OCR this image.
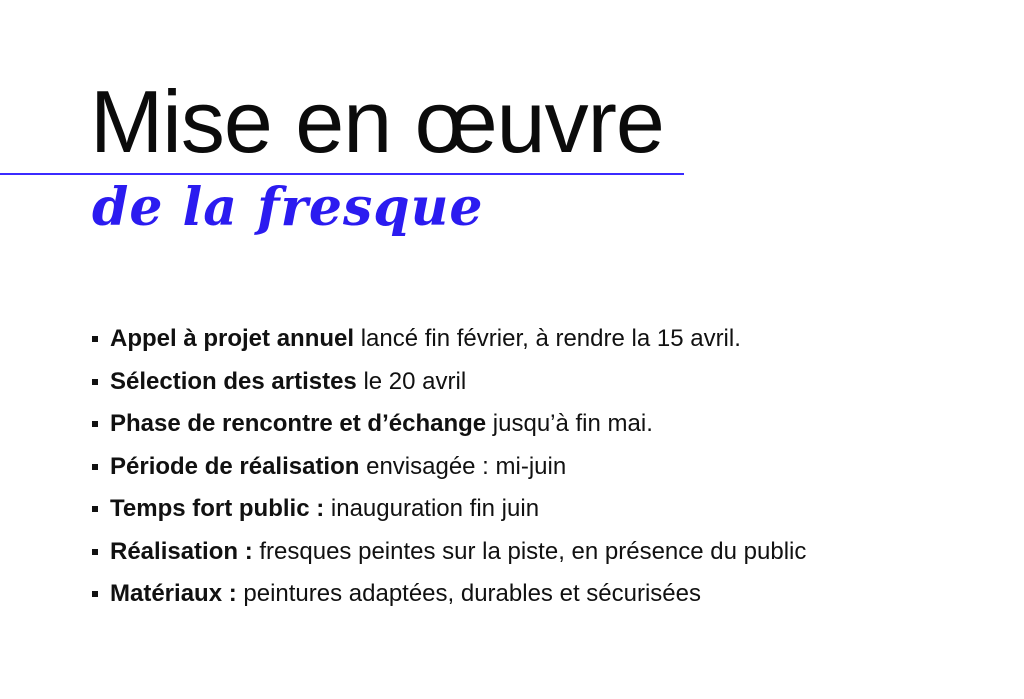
Mise en œuvre
de la fresque
Appel à projet annuel lancé fin février, à rendre la 15 avril.
Sélection des artistes le 20 avril
Phase de rencontre et d’échange jusqu’à fin mai.
Période de réalisation envisagée : mi-juin
Temps fort public : inauguration fin juin
Réalisation : fresques peintes sur la piste, en présence du public
Matériaux : peintures adaptées, durables et sécurisées
